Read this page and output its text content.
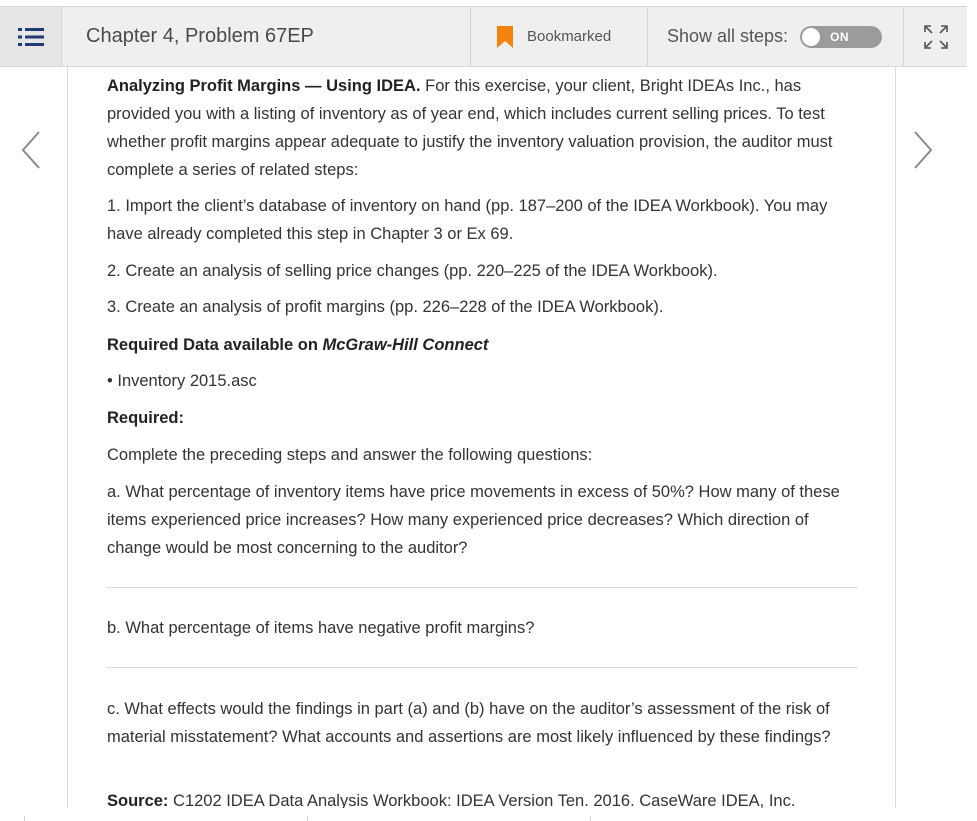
Chapter 4, Problem 67EP	Bookmarked	Show all steps:	ON

Analyzing Profit Margins — Using IDEA. For this exercise, your client, Bright IDEAs Inc., has provided you with a listing of inventory as of year end, which includes current selling prices. To test whether profit margins appear adequate to justify the inventory valuation provision, the auditor must complete a series of related steps:

1. Import the client’s database of inventory on hand (pp. 187–200 of the IDEA Workbook). You may have already completed this step in Chapter 3 or Ex 69.

2. Create an analysis of selling price changes (pp. 220–225 of the IDEA Workbook).

3. Create an analysis of profit margins (pp. 226–228 of the IDEA Workbook).

Required Data available on McGraw-Hill Connect

• Inventory 2015.asc

Required:

Complete the preceding steps and answer the following questions:

a. What percentage of inventory items have price movements in excess of 50%? How many of these items experienced price increases? How many experienced price decreases? Which direction of change would be most concerning to the auditor?

b. What percentage of items have negative profit margins?

c. What effects would the findings in part (a) and (b) have on the auditor’s assessment of the risk of material misstatement? What accounts and assertions are most likely influenced by these findings?

Source: C1202 IDEA Data Analysis Workbook: IDEA Version Ten. 2016. CaseWare IDEA, Inc.
